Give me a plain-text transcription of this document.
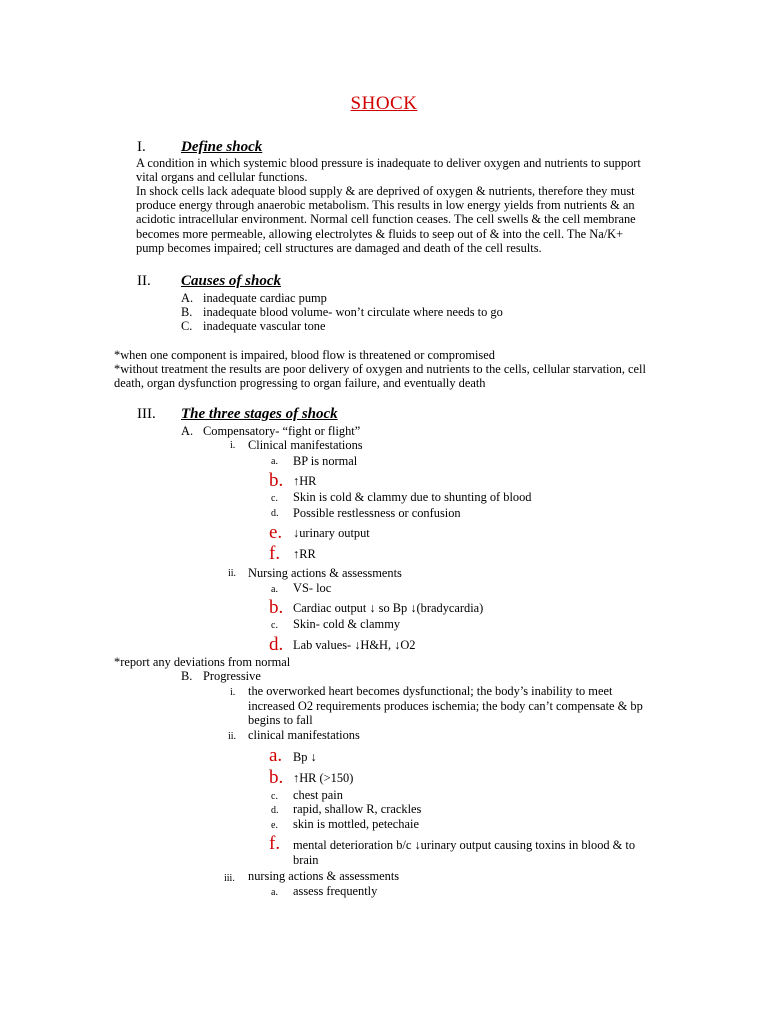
SHOCK
I. Define shock
A condition in which systemic blood pressure is inadequate to deliver oxygen and nutrients to support
vital organs and cellular functions.
In shock cells lack adequate blood supply & are deprived of oxygen & nutrients, therefore they must
produce energy through anaerobic metabolism. This results in low energy yields from nutrients & an
acidotic intracellular environment. Normal cell function ceases. The cell swells & the cell membrane
becomes more permeable, allowing electrolytes & fluids to seep out of & into the cell. The Na/K+
pump becomes impaired; cell structures are damaged and death of the cell results.
II. Causes of shock
A. inadequate cardiac pump
B. inadequate blood volume- won’t circulate where needs to go
C. inadequate vascular tone
*when one component is impaired, blood flow is threatened or compromised
*without treatment the results are poor delivery of oxygen and nutrients to the cells, cellular starvation, cell
death, organ dysfunction progressing to organ failure, and eventually death
III. The three stages of shock
A. Compensatory- “fight or flight”
i. Clinical manifestations
a. BP is normal
b. ↑HR
c. Skin is cold & clammy due to shunting of blood
d. Possible restlessness or confusion
e. ↓urinary output
f. ↑RR
ii. Nursing actions & assessments
a. VS- loc
b. Cardiac output ↓ so Bp ↓(bradycardia)
c. Skin- cold & clammy
d. Lab values- ↓H&H, ↓O2
*report any deviations from normal
B. Progressive
i. the overworked heart becomes dysfunctional; the body’s inability to meet
increased O2 requirements produces ischemia; the body can’t compensate & bp
begins to fall
ii. clinical manifestations
a. Bp ↓
b. ↑HR (>150)
c. chest pain
d. rapid, shallow R, crackles
e. skin is mottled, petechaie
f. mental deterioration b/c ↓urinary output causing toxins in blood & to
brain
iii. nursing actions & assessments
a. assess frequently
